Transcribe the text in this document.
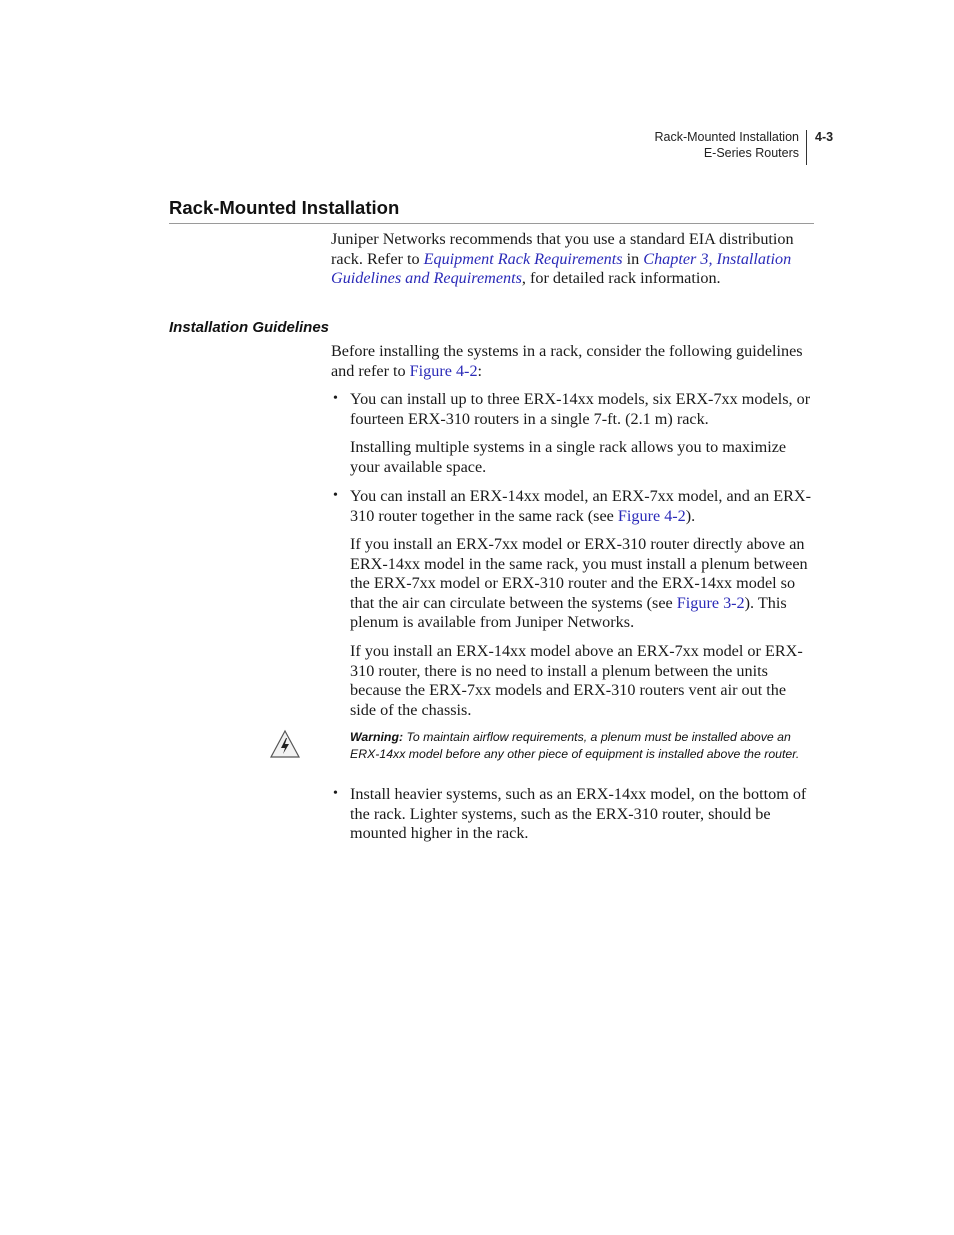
Rack-Mounted Installation
E-Series Routers
4-3
Rack-Mounted Installation
Juniper Networks recommends that you use a standard EIA distribution rack. Refer to Equipment Rack Requirements in Chapter 3, Installation Guidelines and Requirements, for detailed rack information.
Installation Guidelines
Before installing the systems in a rack, consider the following guidelines and refer to Figure 4-2:
• You can install up to three ERX-14xx models, six ERX-7xx models, or fourteen ERX-310 routers in a single 7-ft. (2.1 m) rack.
Installing multiple systems in a single rack allows you to maximize your available space.
• You can install an ERX-14xx model, an ERX-7xx model, and an ERX-310 router together in the same rack (see Figure 4-2).
If you install an ERX-7xx model or ERX-310 router directly above an ERX-14xx model in the same rack, you must install a plenum between the ERX-7xx model or ERX-310 router and the ERX-14xx model so that the air can circulate between the systems (see Figure 3-2). This plenum is available from Juniper Networks.
If you install an ERX-14xx model above an ERX-7xx model or ERX-310 router, there is no need to install a plenum between the units because the ERX-7xx models and ERX-310 routers vent air out the side of the chassis.
Warning: To maintain airflow requirements, a plenum must be installed above an ERX-14xx model before any other piece of equipment is installed above the router.
• Install heavier systems, such as an ERX-14xx model, on the bottom of the rack. Lighter systems, such as the ERX-310 router, should be mounted higher in the rack.
